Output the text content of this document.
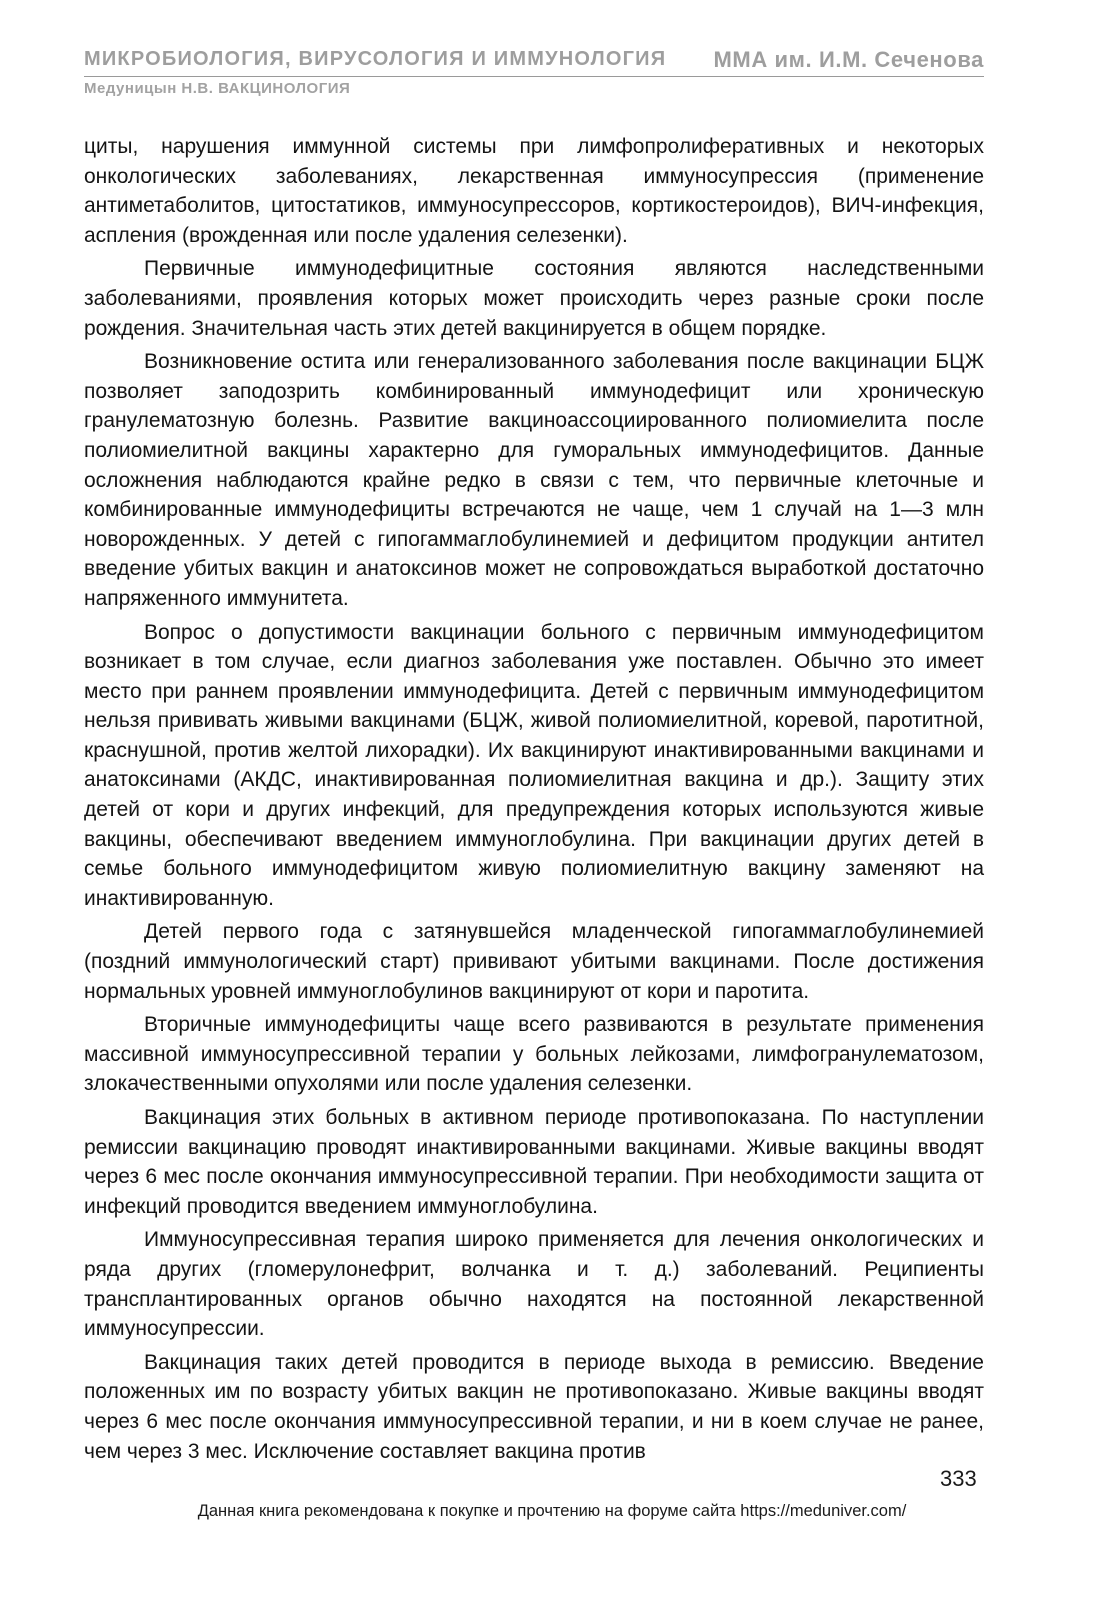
МИКРОБИОЛОГИЯ, ВИРУСОЛОГИЯ И ИММУНОЛОГИЯ ММА им. И.М. Сеченова
Медуницын Н.В. ВАКЦИНОЛОГИЯ

циты, нарушения иммунной системы при лимфопролиферативных и некоторых онкологических заболеваниях, лекарственная иммуносупрессия (применение антиметаболитов, цитостатиков, иммуносупрессоров, кортикостероидов), ВИЧ-инфекция, аспления (врожденная или после удаления селезенки).

Первичные иммунодефицитные состояния являются наследственными заболеваниями, проявления которых может происходить через разные сроки после рождения. Значительная часть этих детей вакцинируется в общем порядке.

Возникновение остита или генерализованного заболевания после вакцинации БЦЖ позволяет заподозрить комбинированный иммунодефицит или хроническую гранулематозную болезнь. Развитие вакциноассоциированного полиомиелита после полиомиелитной вакцины характерно для гуморальных иммунодефицитов. Данные осложнения наблюдаются крайне редко в связи с тем, что первичные клеточные и комбинированные иммунодефициты встречаются не чаще, чем 1 случай на 1—3 млн новорожденных. У детей с гипогаммаглобулинемией и дефицитом продукции антител введение убитых вакцин и анатоксинов может не сопровождаться выработкой достаточно напряженного иммунитета.

Вопрос о допустимости вакцинации больного с первичным иммунодефицитом возникает в том случае, если диагноз заболевания уже поставлен. Обычно это имеет место при раннем проявлении иммунодефицита. Детей с первичным иммунодефицитом нельзя прививать живыми вакцинами (БЦЖ, живой полиомиелитной, коревой, паротитной, краснушной, против желтой лихорадки). Их вакцинируют инактивированными вакцинами и анатоксинами (АКДС, инактивированная полиомиелитная вакцина и др.). Защиту этих детей от кори и других инфекций, для предупреждения которых используются живые вакцины, обеспечивают введением иммуноглобулина. При вакцинации других детей в семье больного иммунодефицитом живую полиомиелитную вакцину заменяют на инактивированную.

Детей первого года с затянувшейся младенческой гипогаммаглобулинемией (поздний иммунологический старт) прививают убитыми вакцинами. После достижения нормальных уровней иммуноглобулинов вакцинируют от кори и паротита.

Вторичные иммунодефициты чаще всего развиваются в результате применения массивной иммуносупрессивной терапии у больных лейкозами, лимфогранулематозом, злокачественными опухолями или после удаления селезенки.

Вакцинация этих больных в активном периоде противопоказана. По наступлении ремиссии вакцинацию проводят инактивированными вакцинами. Живые вакцины вводят через 6 мес после окончания иммуносупрессивной терапии. При необходимости защита от инфекций проводится введением иммуноглобулина.

Иммуносупрессивная терапия широко применяется для лечения онкологических и ряда других (гломерулонефрит, волчанка и т. д.) заболеваний. Реципиенты трансплантированных органов обычно находятся на постоянной лекарственной иммуносупрессии.

Вакцинация таких детей проводится в периоде выхода в ремиссию. Введение положенных им по возрасту убитых вакцин не противопоказано. Живые вакцины вводят через 6 мес после окончания иммуносупрессивной терапии, и ни в коем случае не ранее, чем через 3 мес. Исключение составляет вакцина против

333
Данная книга рекомендована к покупке и прочтению на форуме сайта https://meduniver.com/
